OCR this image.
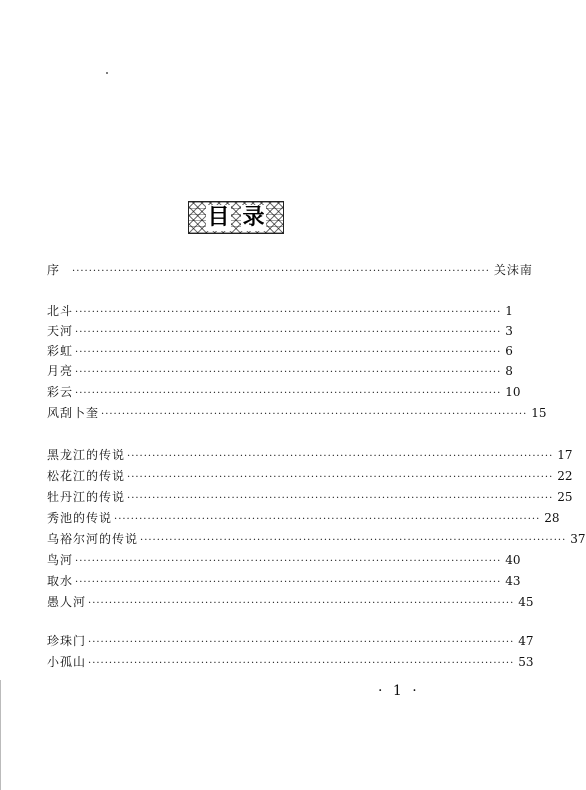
目 录
序 ···································································································· 关沫南
北斗 ······································································································ 1
天河 ······································································································ 3
彩虹 ······································································································ 6
月亮 ······································································································ 8
彩云 ······································································································ 10
风刮卜奎 ······································································································ 15
黑龙江的传说 ······································································································ 17
松花江的传说 ······································································································ 22
牡丹江的传说 ······································································································ 25
秀池的传说 ······································································································ 28
乌裕尔河的传说 ······································································································ 37
鸟河 ······································································································ 40
取水 ······································································································ 43
愚人河 ······································································································ 45
珍珠门 ······································································································ 47
小孤山 ······································································································ 53
· 1 ·
